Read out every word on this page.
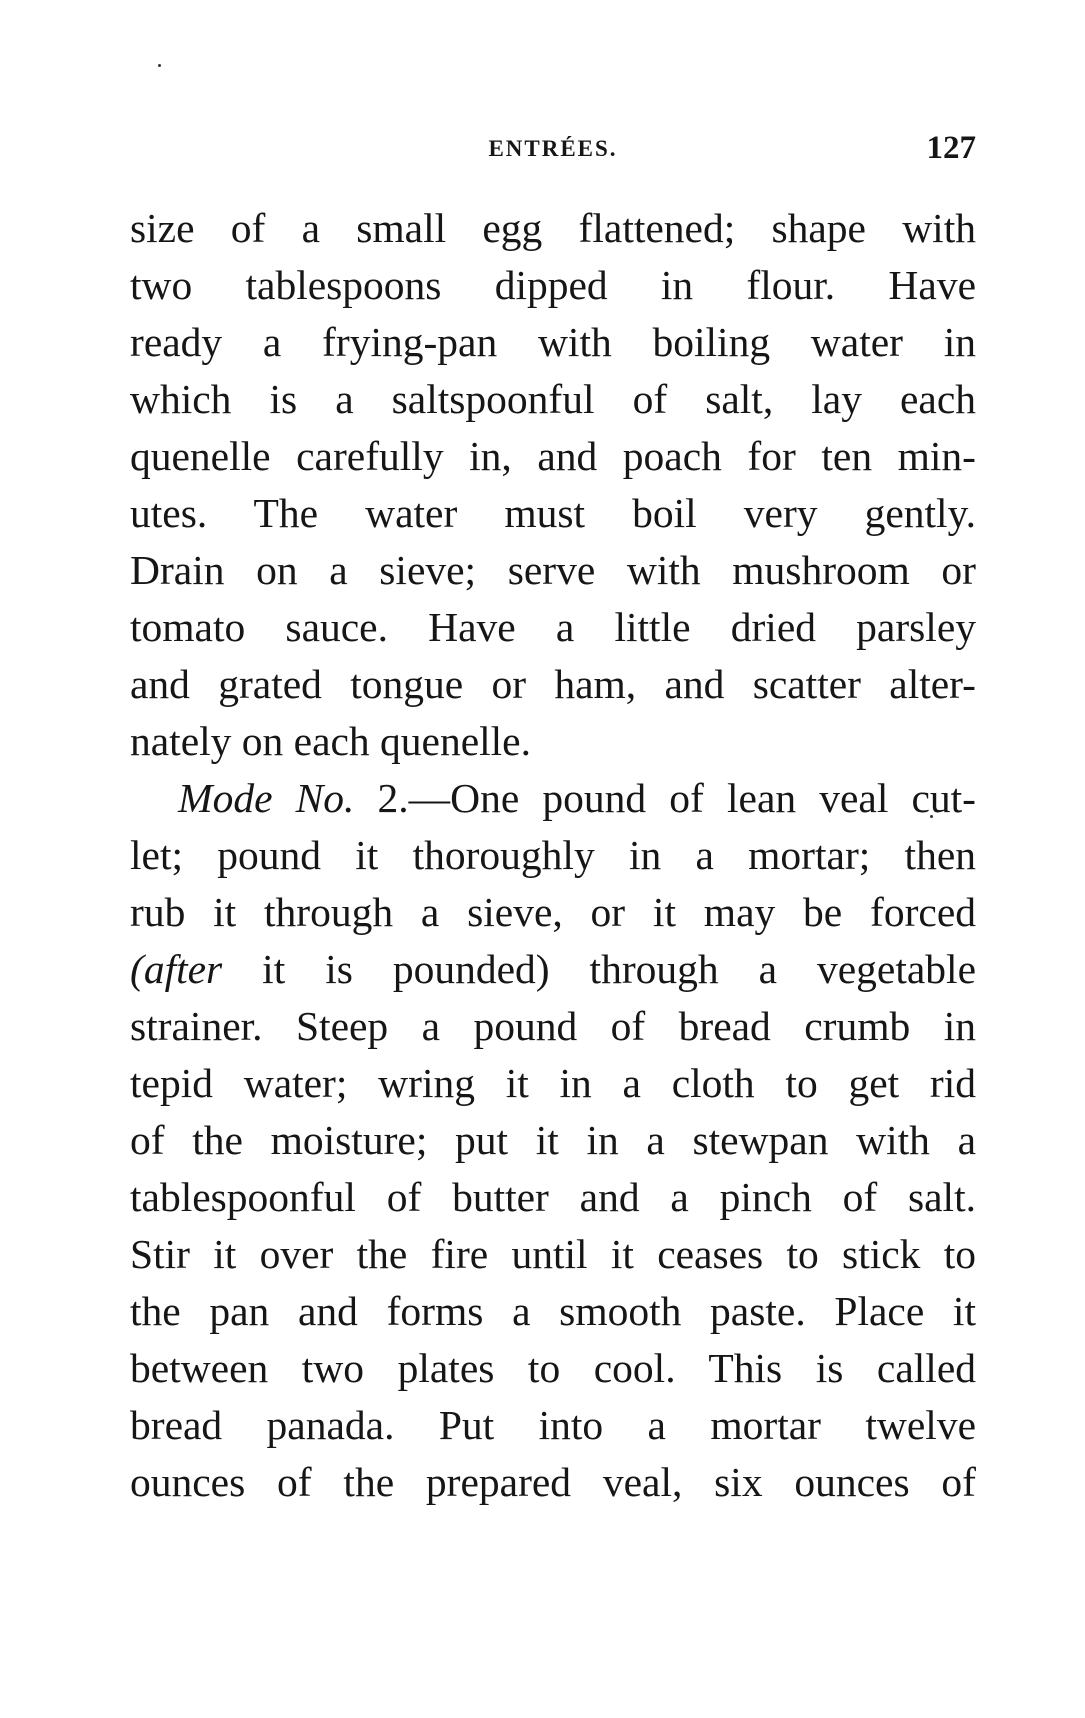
ENTRÉES.	127
size of a small egg flattened; shape with
two tablespoons dipped in flour. Have
ready a frying-pan with boiling water in
which is a saltspoonful of salt, lay each
quenelle carefully in, and poach for ten min-
utes. The water must boil very gently.
Drain on a sieve; serve with mushroom or
tomato sauce. Have a little dried parsley
and grated tongue or ham, and scatter alter-
nately on each quenelle.
Mode No. 2.—One pound of lean veal cut-
let; pound it thoroughly in a mortar; then
rub it through a sieve, or it may be forced
(after it is pounded) through a vegetable
strainer. Steep a pound of bread crumb in
tepid water; wring it in a cloth to get rid
of the moisture; put it in a stewpan with a
tablespoonful of butter and a pinch of salt.
Stir it over the fire until it ceases to stick to
the pan and forms a smooth paste. Place it
between two plates to cool. This is called
bread panada. Put into a mortar twelve
ounces of the prepared veal, six ounces of
